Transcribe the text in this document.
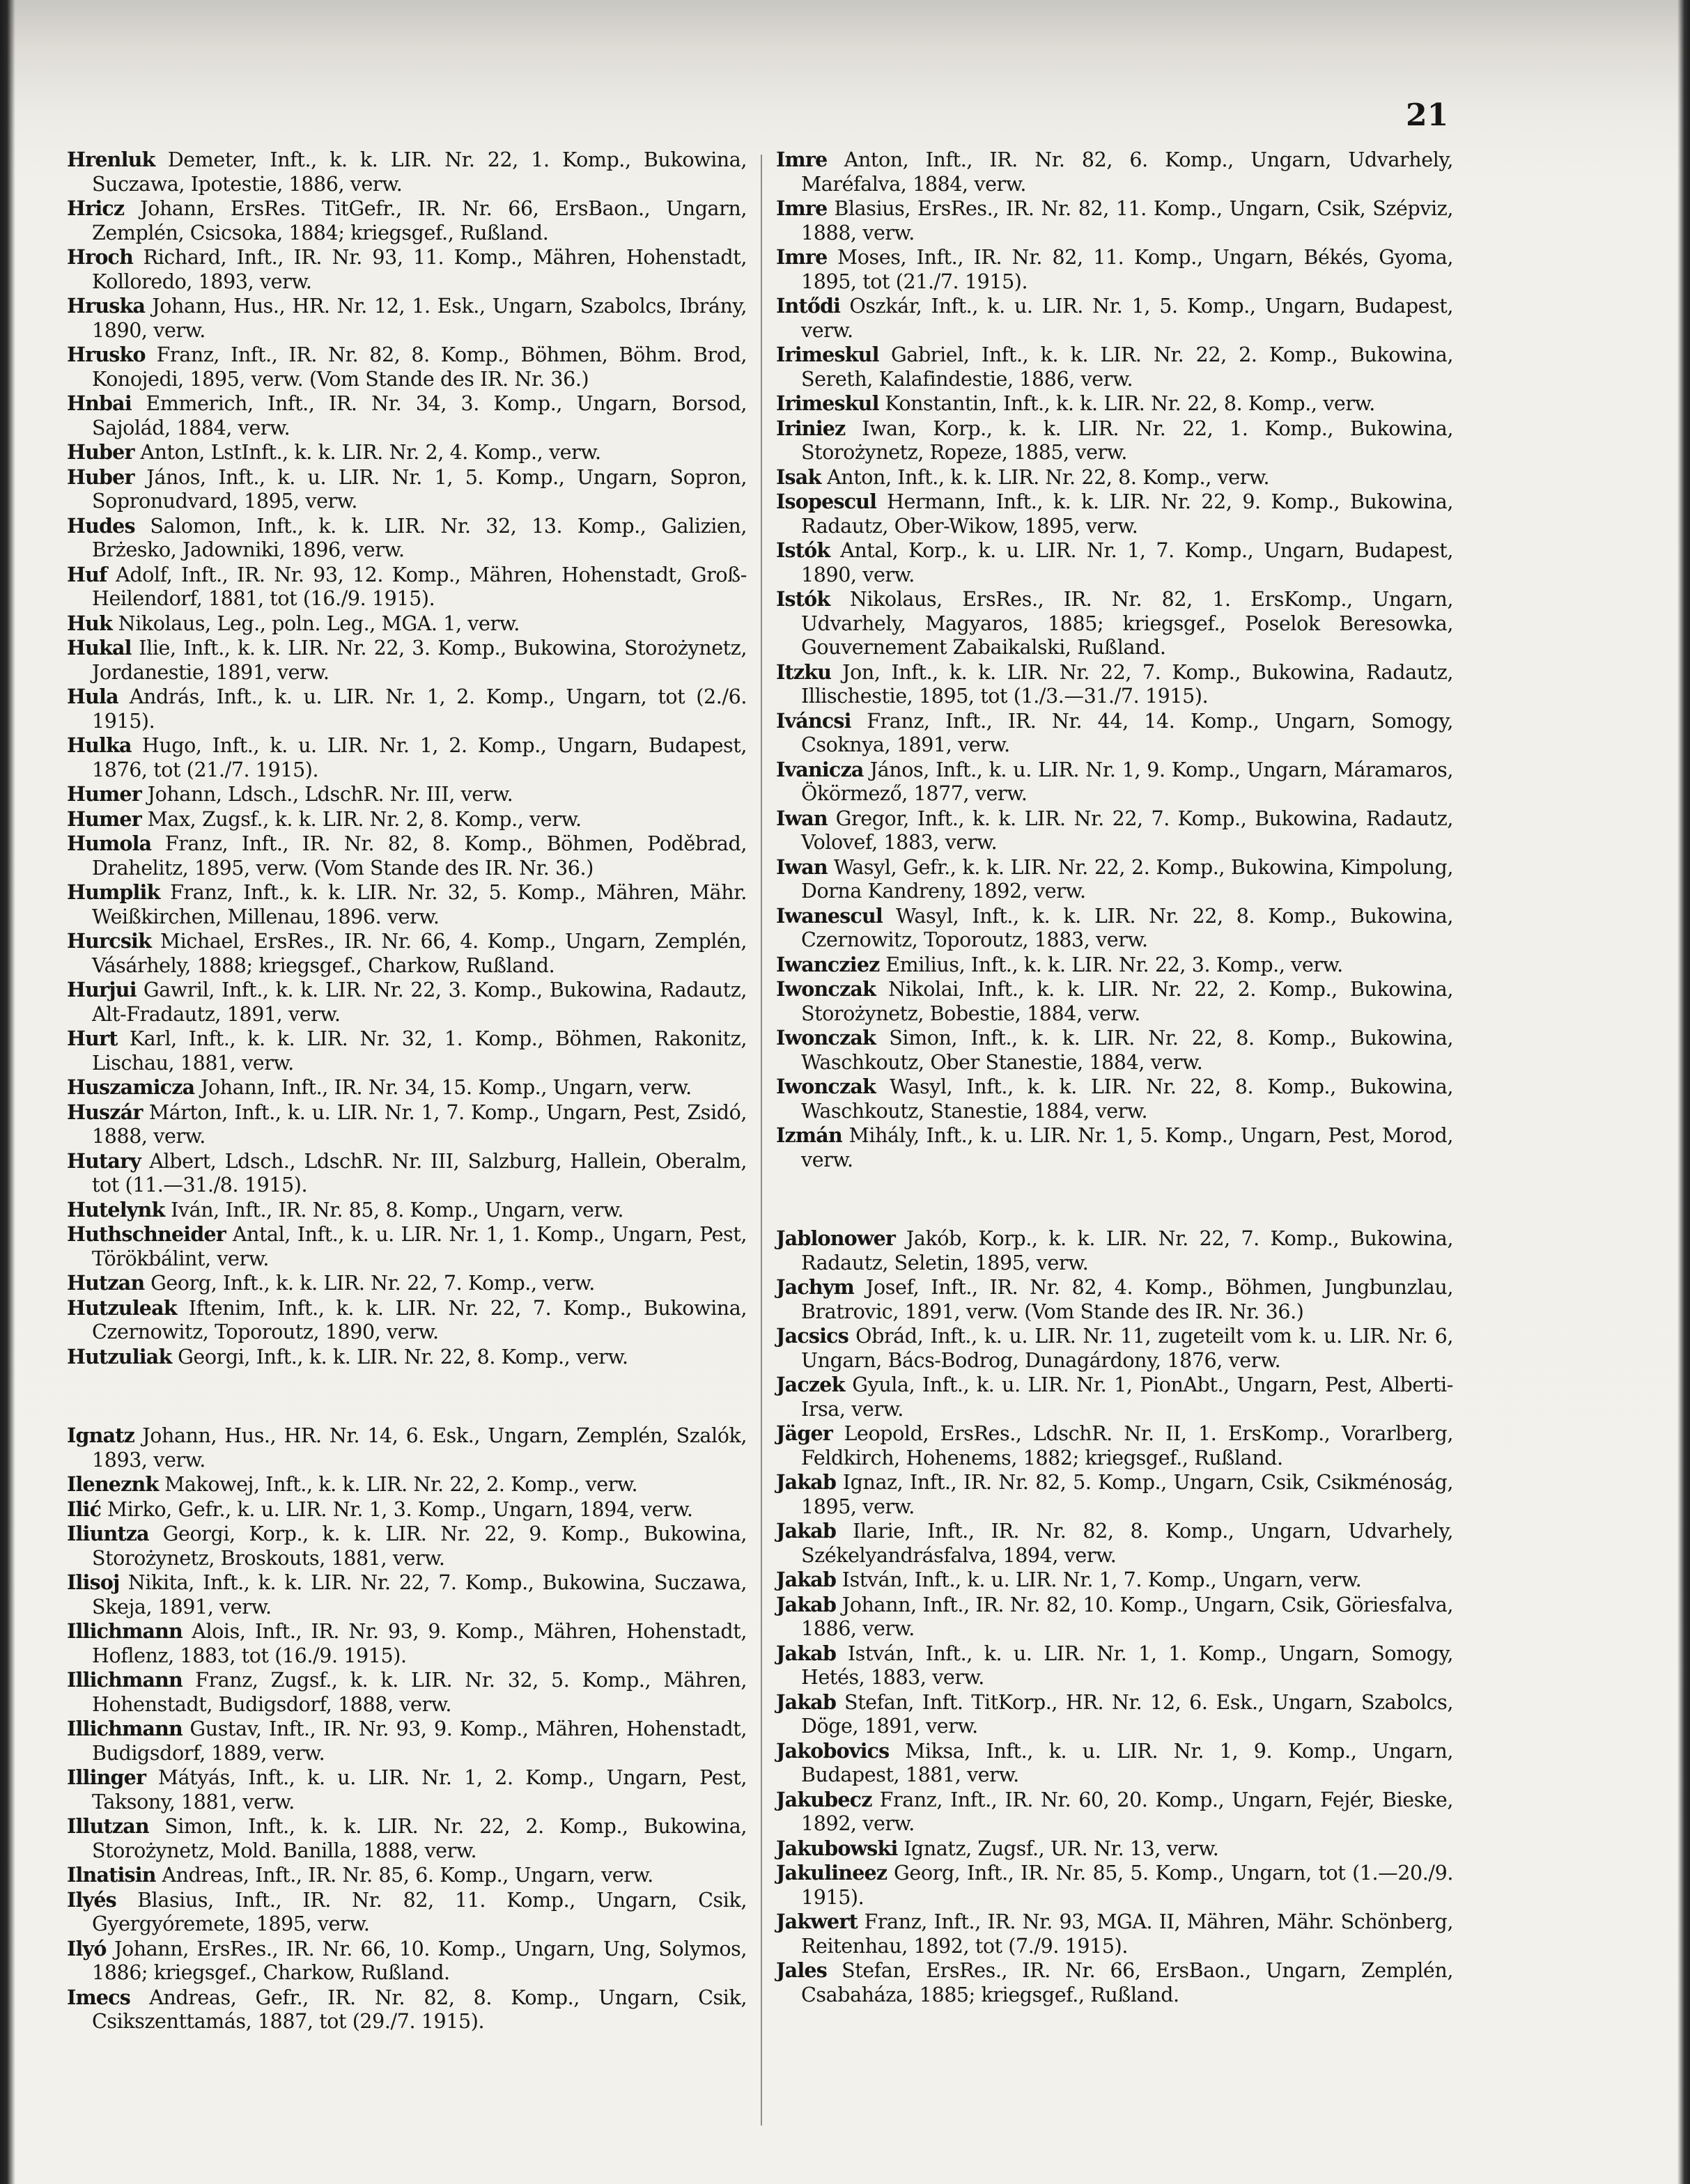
21

Hrenluk Demeter, Inft., k. k. LIR. Nr. 22, 1. Komp., Bukowina, Suczawa, Ipotestie, 1886, verw.

Hricz Johann, ErsRes. TitGefr., IR. Nr. 66, ErsBaon., Ungarn, Zemplén, Csicsoka, 1884; kriegsgef., Rußland.

Hroch Richard, Inft., IR. Nr. 93, 11. Komp., Mähren, Hohenstadt, Kolloredo, 1893, verw.

Hruska Johann, Hus., HR. Nr. 12, 1. Esk., Ungarn, Szabolcs, Ibrány, 1890, verw.

Hrusko Franz, Inft., IR. Nr. 82, 8. Komp., Böhmen, Böhm. Brod, Konojedi, 1895, verw. (Vom Stande des IR. Nr. 36.)

Hnbai Emmerich, Inft., IR. Nr. 34, 3. Komp., Ungarn, Borsod, Sajolád, 1884, verw.

Huber Anton, LstInft., k. k. LIR. Nr. 2, 4. Komp., verw.

Huber János, Inft., k. u. LIR. Nr. 1, 5. Komp., Ungarn, Sopron, Sopronudvard, 1895, verw.

Hudes Salomon, Inft., k. k. LIR. Nr. 32, 13. Komp., Galizien, Brżesko, Jadowniki, 1896, verw.

Huf Adolf, Inft., IR. Nr. 93, 12. Komp., Mähren, Hohenstadt, Groß-Heilendorf, 1881, tot (16./9. 1915).

Huk Nikolaus, Leg., poln. Leg., MGA. 1, verw.

Hukal Ilie, Inft., k. k. LIR. Nr. 22, 3. Komp., Bukowina, Storożynetz, Jordanestie, 1891, verw.

Hula András, Inft., k. u. LIR. Nr. 1, 2. Komp., Ungarn, tot (2./6. 1915).

Hulka Hugo, Inft., k. u. LIR. Nr. 1, 2. Komp., Ungarn, Budapest, 1876, tot (21./7. 1915).

Humer Johann, Ldsch., LdschR. Nr. III, verw.

Humer Max, Zugsf., k. k. LIR. Nr. 2, 8. Komp., verw.

Humola Franz, Inft., IR. Nr. 82, 8. Komp., Böhmen, Poděbrad, Drahelitz, 1895, verw. (Vom Stande des IR. Nr. 36.)

Humplik Franz, Inft., k. k. LIR. Nr. 32, 5. Komp., Mähren, Mähr. Weißkirchen, Millenau, 1896. verw.

Hurcsik Michael, ErsRes., IR. Nr. 66, 4. Komp., Ungarn, Zemplén, Vásárhely, 1888; kriegsgef., Charkow, Rußland.

Hurjui Gawril, Inft., k. k. LIR. Nr. 22, 3. Komp., Bukowina, Radautz, Alt-Fradautz, 1891, verw.

Hurt Karl, Inft., k. k. LIR. Nr. 32, 1. Komp., Böhmen, Rakonitz, Lischau, 1881, verw.

Huszamicza Johann, Inft., IR. Nr. 34, 15. Komp., Ungarn, verw.

Huszár Márton, Inft., k. u. LIR. Nr. 1, 7. Komp., Ungarn, Pest, Zsidó, 1888, verw.

Hutary Albert, Ldsch., LdschR. Nr. III, Salzburg, Hallein, Oberalm, tot (11.—31./8. 1915).

Hutelynk Iván, Inft., IR. Nr. 85, 8. Komp., Ungarn, verw.

Huthschneider Antal, Inft., k. u. LIR. Nr. 1, 1. Komp., Ungarn, Pest, Törökbálint, verw.

Hutzan Georg, Inft., k. k. LIR. Nr. 22, 7. Komp., verw.

Hutzuleak Iftenim, Inft., k. k. LIR. Nr. 22, 7. Komp., Bukowina, Czernowitz, Toporoutz, 1890, verw.

Hutzuliak Georgi, Inft., k. k. LIR. Nr. 22, 8. Komp., verw.

Ignatz Johann, Hus., HR. Nr. 14, 6. Esk., Ungarn, Zemplén, Szalók, 1893, verw.

Ileneznk Makowej, Inft., k. k. LIR. Nr. 22, 2. Komp., verw.

Ilić Mirko, Gefr., k. u. LIR. Nr. 1, 3. Komp., Ungarn, 1894, verw.

Iliuntza Georgi, Korp., k. k. LIR. Nr. 22, 9. Komp., Bukowina, Storożynetz, Broskouts, 1881, verw.

Ilisoj Nikita, Inft., k. k. LIR. Nr. 22, 7. Komp., Bukowina, Suczawa, Skeja, 1891, verw.

Illichmann Alois, Inft., IR. Nr. 93, 9. Komp., Mähren, Hohenstadt, Hoflenz, 1883, tot (16./9. 1915).

Illichmann Franz, Zugsf., k. k. LIR. Nr. 32, 5. Komp., Mähren, Hohenstadt, Budigsdorf, 1888, verw.

Illichmann Gustav, Inft., IR. Nr. 93, 9. Komp., Mähren, Hohenstadt, Budigsdorf, 1889, verw.

Illinger Mátyás, Inft., k. u. LIR. Nr. 1, 2. Komp., Ungarn, Pest, Taksony, 1881, verw.

Illutzan Simon, Inft., k. k. LIR. Nr. 22, 2. Komp., Bukowina, Storożynetz, Mold. Banilla, 1888, verw.

Ilnatisin Andreas, Inft., IR. Nr. 85, 6. Komp., Ungarn, verw.

Ilyés Blasius, Inft., IR. Nr. 82, 11. Komp., Ungarn, Csik, Gyergyóremete, 1895, verw.

Ilyó Johann, ErsRes., IR. Nr. 66, 10. Komp., Ungarn, Ung, Solymos, 1886; kriegsgef., Charkow, Rußland.

Imecs Andreas, Gefr., IR. Nr. 82, 8. Komp., Ungarn, Csik, Csikszenttamás, 1887, tot (29./7. 1915).

Imre Anton, Inft., IR. Nr. 82, 6. Komp., Ungarn, Udvarhely, Maréfalva, 1884, verw.

Imre Blasius, ErsRes., IR. Nr. 82, 11. Komp., Ungarn, Csik, Szépviz, 1888, verw.

Imre Moses, Inft., IR. Nr. 82, 11. Komp., Ungarn, Békés, Gyoma, 1895, tot (21./7. 1915).

Intődi Oszkár, Inft., k. u. LIR. Nr. 1, 5. Komp., Ungarn, Budapest, verw.

Irimeskul Gabriel, Inft., k. k. LIR. Nr. 22, 2. Komp., Bukowina, Sereth, Kalafindestie, 1886, verw.

Irimeskul Konstantin, Inft., k. k. LIR. Nr. 22, 8. Komp., verw.

Iriniez Iwan, Korp., k. k. LIR. Nr. 22, 1. Komp., Bukowina, Storożynetz, Ropeze, 1885, verw.

Isak Anton, Inft., k. k. LIR. Nr. 22, 8. Komp., verw.

Isopescul Hermann, Inft., k. k. LIR. Nr. 22, 9. Komp., Bukowina, Radautz, Ober-Wikow, 1895, verw.

Istók Antal, Korp., k. u. LIR. Nr. 1, 7. Komp., Ungarn, Budapest, 1890, verw.

Istók Nikolaus, ErsRes., IR. Nr. 82, 1. ErsKomp., Ungarn, Udvarhely, Magyaros, 1885; kriegsgef., Poselok Beresowka, Gouvernement Zabaikalski, Rußland.

Itzku Jon, Inft., k. k. LIR. Nr. 22, 7. Komp., Bukowina, Radautz, Illischestie, 1895, tot (1./3.—31./7. 1915).

Iváncsi Franz, Inft., IR. Nr. 44, 14. Komp., Ungarn, Somogy, Csoknya, 1891, verw.

Ivanicza János, Inft., k. u. LIR. Nr. 1, 9. Komp., Ungarn, Máramaros, Ökörmező, 1877, verw.

Iwan Gregor, Inft., k. k. LIR. Nr. 22, 7. Komp., Bukowina, Radautz, Volovef, 1883, verw.

Iwan Wasyl, Gefr., k. k. LIR. Nr. 22, 2. Komp., Bukowina, Kimpolung, Dorna Kandreny, 1892, verw.

Iwanescul Wasyl, Inft., k. k. LIR. Nr. 22, 8. Komp., Bukowina, Czernowitz, Toporoutz, 1883, verw.

Iwancziez Emilius, Inft., k. k. LIR. Nr. 22, 3. Komp., verw.

Iwonczak Nikolai, Inft., k. k. LIR. Nr. 22, 2. Komp., Bukowina, Storożynetz, Bobestie, 1884, verw.

Iwonczak Simon, Inft., k. k. LIR. Nr. 22, 8. Komp., Bukowina, Waschkoutz, Ober Stanestie, 1884, verw.

Iwonczak Wasyl, Inft., k. k. LIR. Nr. 22, 8. Komp., Bukowina, Waschkoutz, Stanestie, 1884, verw.

Izmán Mihály, Inft., k. u. LIR. Nr. 1, 5. Komp., Ungarn, Pest, Morod, verw.

Jablonower Jakób, Korp., k. k. LIR. Nr. 22, 7. Komp., Bukowina, Radautz, Seletin, 1895, verw.

Jachym Josef, Inft., IR. Nr. 82, 4. Komp., Böhmen, Jungbunzlau, Bratrovic, 1891, verw. (Vom Stande des IR. Nr. 36.)

Jacsics Obrád, Inft., k. u. LIR. Nr. 11, zugeteilt vom k. u. LIR. Nr. 6, Ungarn, Bács-Bodrog, Dunagárdony, 1876, verw.

Jaczek Gyula, Inft., k. u. LIR. Nr. 1, PionAbt., Ungarn, Pest, Alberti-Irsa, verw.

Jäger Leopold, ErsRes., LdschR. Nr. II, 1. ErsKomp., Vorarlberg, Feldkirch, Hohenems, 1882; kriegsgef., Rußland.

Jakab Ignaz, Inft., IR. Nr. 82, 5. Komp., Ungarn, Csik, Csikménoság, 1895, verw.

Jakab Ilarie, Inft., IR. Nr. 82, 8. Komp., Ungarn, Udvarhely, Székelyandrásfalva, 1894, verw.

Jakab István, Inft., k. u. LIR. Nr. 1, 7. Komp., Ungarn, verw.

Jakab Johann, Inft., IR. Nr. 82, 10. Komp., Ungarn, Csik, Göriesfalva, 1886, verw.

Jakab István, Inft., k. u. LIR. Nr. 1, 1. Komp., Ungarn, Somogy, Hetés, 1883, verw.

Jakab Stefan, Inft. TitKorp., HR. Nr. 12, 6. Esk., Ungarn, Szabolcs, Döge, 1891, verw.

Jakobovics Miksa, Inft., k. u. LIR. Nr. 1, 9. Komp., Ungarn, Budapest, 1881, verw.

Jakubecz Franz, Inft., IR. Nr. 60, 20. Komp., Ungarn, Fejér, Bieske, 1892, verw.

Jakubowski Ignatz, Zugsf., UR. Nr. 13, verw.

Jakulineez Georg, Inft., IR. Nr. 85, 5. Komp., Ungarn, tot (1.—20./9. 1915).

Jakwert Franz, Inft., IR. Nr. 93, MGA. II, Mähren, Mähr. Schönberg, Reitenhau, 1892, tot (7./9. 1915).

Jales Stefan, ErsRes., IR. Nr. 66, ErsBaon., Ungarn, Zemplén, Csabaháza, 1885; kriegsgef., Rußland.
